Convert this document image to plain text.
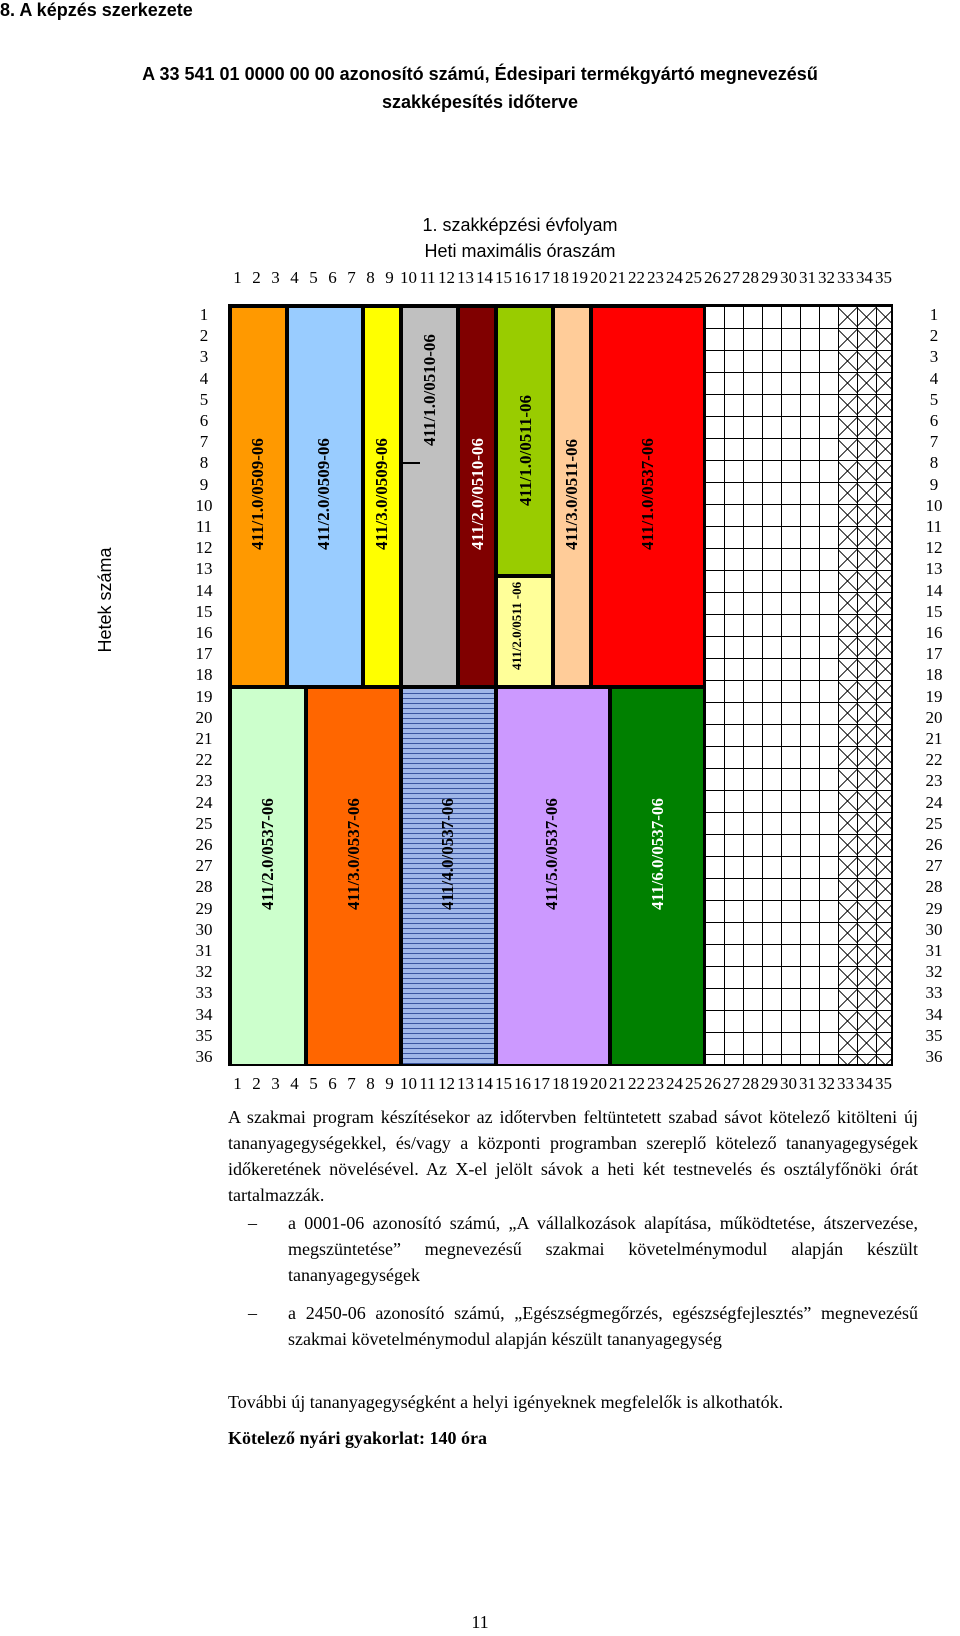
8. A képzés szerkezete
A 33 541 01 0000 00 00 azonosító számú, Édesipari termékgyártó megnevezésű szakképesítés időterve
1. szakképzési évfolyam
Heti maximális óraszám
1 2 3 4 5 6 7 8 9 10 11 12 13 14 15 16 17 18 19 20 21 22 23 24 25 26 27 28 29 30 31 32 33 34 35
1 2 3 4 5 6 7 8 9 10 11 12 13 14 15 16 17 18 19 20 21 22 23 24 25 26 27 28 29 30 31 32 33 34 35
Hetek száma
1
2
3
4
5
6
7
8
9
10
11
12
13
14
15
16
17
18
19
20
21
22
23
24
25
26
27
28
29
30
31
32
33
34
35
36
1
2
3
4
5
6
7
8
9
10
11
12
13
14
15
16
17
18
19
20
21
22
23
24
25
26
27
28
29
30
31
32
33
34
35
36
411/1.0/0509-06	411/2.0/0509-06 411/3.0/0509-06
411/1.0/0510-06
411/2.0/0510-06 411/1.0/0511-06
411/2.0/0511 -06
411/3.0/0511-06	411/1.0/0537-06
411/2.0/0537-06	411/3.0/0537-06	411/4.0/0537-06	411/5.0/0537-06	411/6.0/0537-06

A szakmai program készítésekor az időtervben feltüntetett szabad sávot kötelező kitölteni új tananyagegységekkel, és/vagy a központi programban szereplő kötelező tananyagegységek időkeretének növelésével. Az X-el jelölt sávok a heti két testnevelés és osztályfőnöki órát tartalmazzák.

–	a 0001-06 azonosító számú, „A vállalkozások alapítása, működtetése, átszervezése, megszüntetése” megnevezésű szakmai követelménymodul alapján készült tananyagegységek
–	a 2450-06 azonosító számú, „Egészségmegőrzés, egészségfejlesztés” megnevezésű szakmai követelménymodul alapján készült tananyagegység
További új tananyagegységként a helyi igényeknek megfelelők is alkothatók.
Kötelező nyári gyakorlat: 140 óra
11
